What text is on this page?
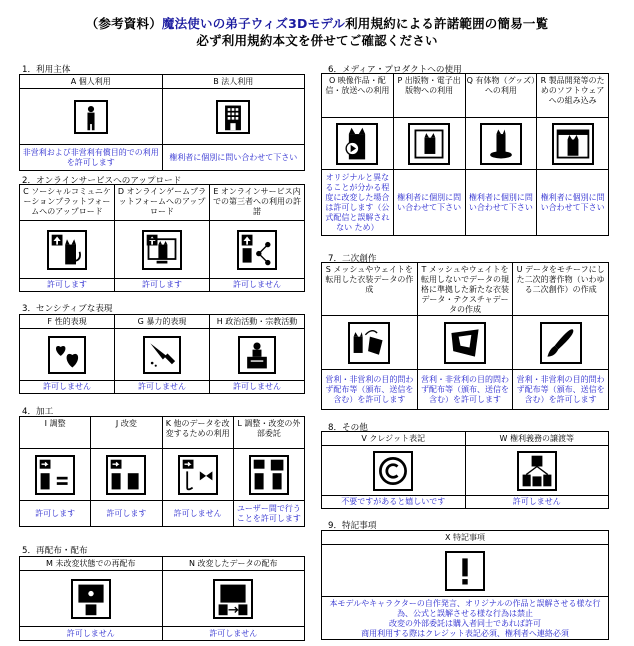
（参考資料）魔法使いの弟子ウィズ3Dモデル利用規約による許諾範囲の簡易一覧
必ず利用規約本文を併せてご確認ください
1．利用主体
A 個人利用	B 法人利用

非営利および非営利有償目的での利用を許可します	権利者に個別に問い合わせて下さい
2．オンラインサービスへのアップロード
C ソーシャルコミュニケーションプラットフォームへのアップロード	D オンラインゲームプラットフォームへのアップロード	E オンラインサービス内での第三者への利用の許諾

許可します	許可します	許可しません
3．センシティブな表現
F 性的表現	G 暴力的表現	H 政治活動・宗教活動

許可しません	許可しません	許可しません
4．加工
I 調整	J 改変	K 他のデータを改変するための利用	L 調整・改変の外部委託

許可します	許可します	許可しません	ユーザー間で行うことを許可します
5．再配布・配布
M 未改変状態での再配布	N 改変したデータの配布

許可しません	許可しません
6．メディア・プロダクトへの使用
O 映像作品・配信・放送への利用	P 出版物・電子出版物への利用	Q 有体物（グッズ）への利用	R 製品開発等のためのソフトウェアへの組み込み

オリジナルと異なることが分かる程度に改変した場合は許可します（公式配信と誤解されない ため）	権利者に個別に問い合わせて下さい	権利者に個別に問い合わせて下さい	権利者に個別に問い合わせて下さい
7．二次創作
S メッシュやウェイトを転用した衣装データの作成	T メッシュやウェイトを転用しないでデータの規格に準拠した新たな衣装データ・テクスチャデータの作成	U データをモチーフにした二次的著作物（いわゆる二次創作）の作成

営利・非営利の目的問わず配布等（頒布、送信を含む）を許可します	営利・非営利の目的問わず配布等（頒布、送信を含む）を許可します	営利・非営利の目的問わず配布等（頒布、送信を含む）を許可します
8．その他
V クレジット表記	W 権利義務の譲渡等

不要ですがあると嬉しいです	許可しません
9．特記事項
X 特記事項

本モデルやキャラクターの自作発言、オリジナルの作品と誤解させる様な行為、公式と誤解させる様な行為は禁止
改変の外部委託は購入者同士であれば許可
商用利用する際はクレジット表記必須、権利者へ連絡必須
